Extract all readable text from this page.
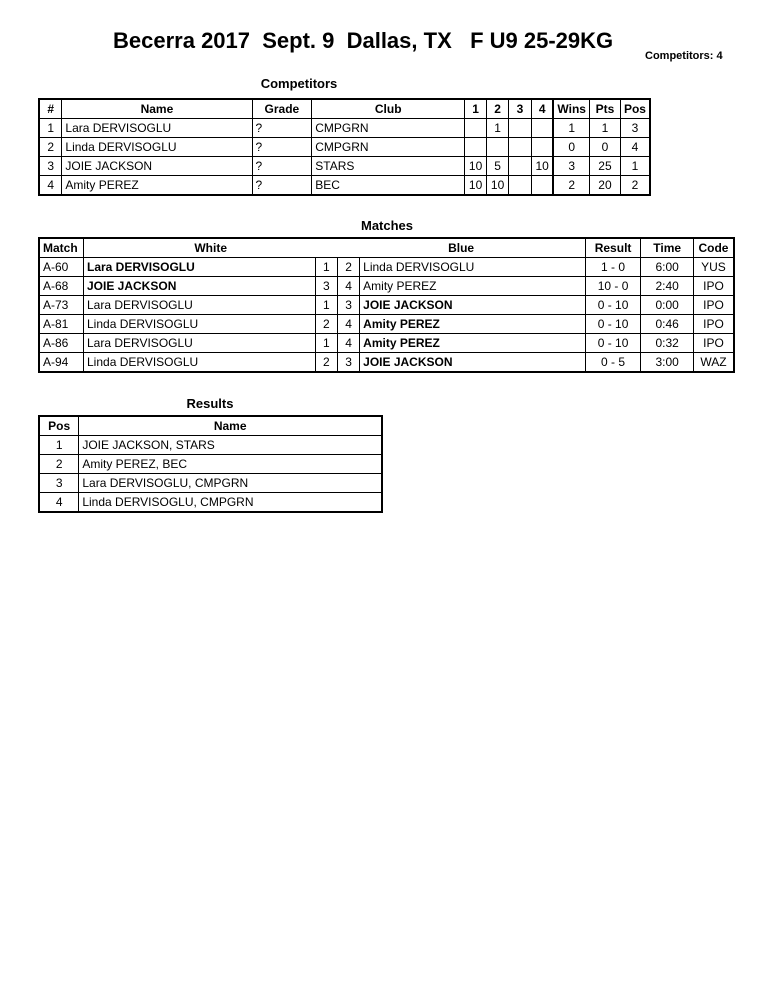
Becerra 2017  Sept. 9  Dallas, TX   F U9 25-29KG
Competitors: 4
Competitors
#	Name	Grade	Club	1	2	3	4	Wins	Pts	Pos
1	Lara DERVISOGLU	?	CMPGRN		1			1	1	3
2	Linda DERVISOGLU	?	CMPGRN					0	0	4
3	JOIE JACKSON	?	STARS	10	5		10	3	25	1
4	Amity PEREZ	?	BEC	10	10			2	20	2
Matches
Match	White		Blue		Result	Time	Code
A-60	Lara DERVISOGLU	1	2	Linda DERVISOGLU	1 - 0	6:00	YUS
A-68	JOIE JACKSON	3	4	Amity PEREZ	10 - 0	2:40	IPO
A-73	Lara DERVISOGLU	1	3	JOIE JACKSON	0 - 10	0:00	IPO
A-81	Linda DERVISOGLU	2	4	Amity PEREZ	0 - 10	0:46	IPO
A-86	Lara DERVISOGLU	1	4	Amity PEREZ	0 - 10	0:32	IPO
A-94	Linda DERVISOGLU	2	3	JOIE JACKSON	0 - 5	3:00	WAZ
Results
Pos	Name
1	JOIE JACKSON, STARS
2	Amity PEREZ, BEC
3	Lara DERVISOGLU, CMPGRN
4	Linda DERVISOGLU, CMPGRN
